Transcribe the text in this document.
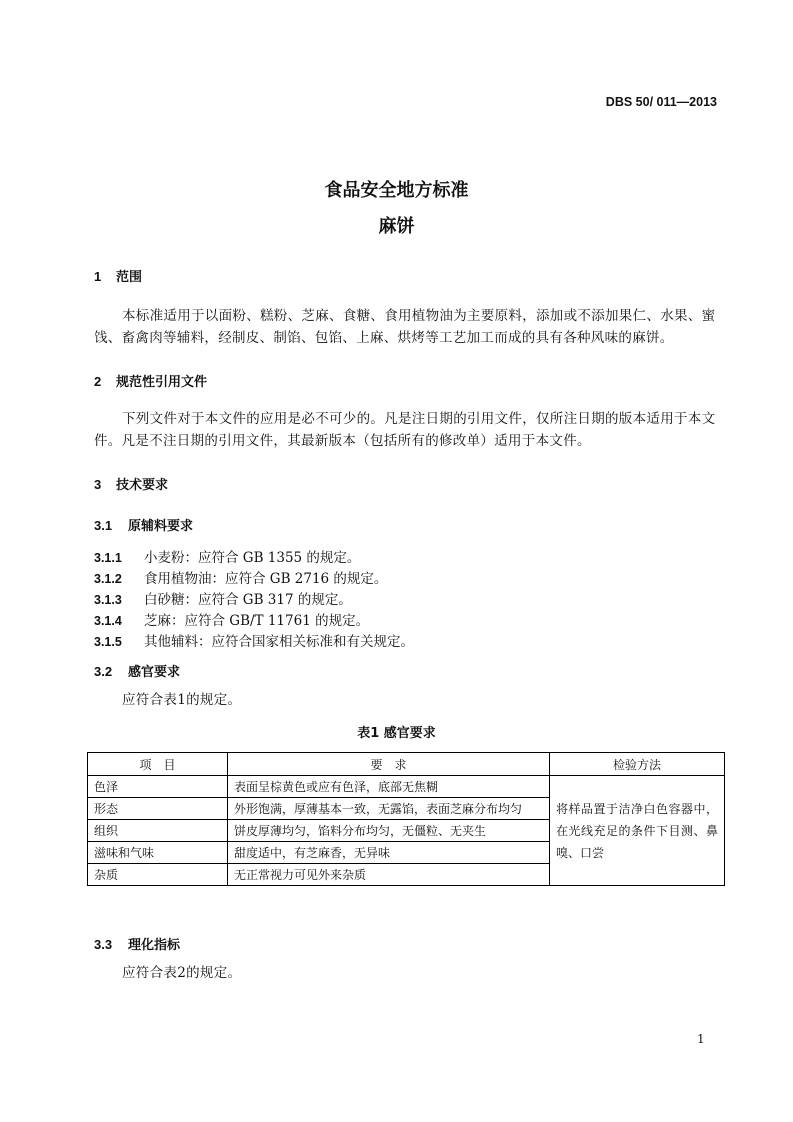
DBS 50/ 011—2013
食品安全地方标准
麻饼
1 范围
本标准适用于以面粉、糕粉、芝麻、食糖、食用植物油为主要原料，添加或不添加果仁、水果、蜜饯、畜禽肉等辅料，经制皮、制馅、包馅、上麻、烘烤等工艺加工而成的具有各种风味的麻饼。
2 规范性引用文件
下列文件对于本文件的应用是必不可少的。凡是注日期的引用文件，仅所注日期的版本适用于本文件。凡是不注日期的引用文件，其最新版本（包括所有的修改单）适用于本文件。
3 技术要求
3.1 原辅料要求
3.1.1 小麦粉：应符合 GB 1355 的规定。
3.1.2 食用植物油：应符合 GB 2716 的规定。
3.1.3 白砂糖：应符合 GB 317 的规定。
3.1.4 芝麻：应符合 GB/T 11761 的规定。
3.1.5 其他辅料：应符合国家相关标准和有关规定。
3.2 感官要求
应符合表1的规定。
表1 感官要求
项　目	要　求	检验方法
色泽	表面呈棕黄色或应有色泽，底部无焦糊	将样品置于洁净白色容器中，在光线充足的条件下目测、鼻嗅、口尝
形态	外形饱满，厚薄基本一致，无露馅，表面芝麻分布均匀	
组织	饼皮厚薄均匀，馅料分布均匀，无僵粒、无夹生	
滋味和气味	甜度适中，有芝麻香，无异味	
杂质	无正常视力可见外来杂质	
3.3 理化指标
应符合表2的规定。
1
